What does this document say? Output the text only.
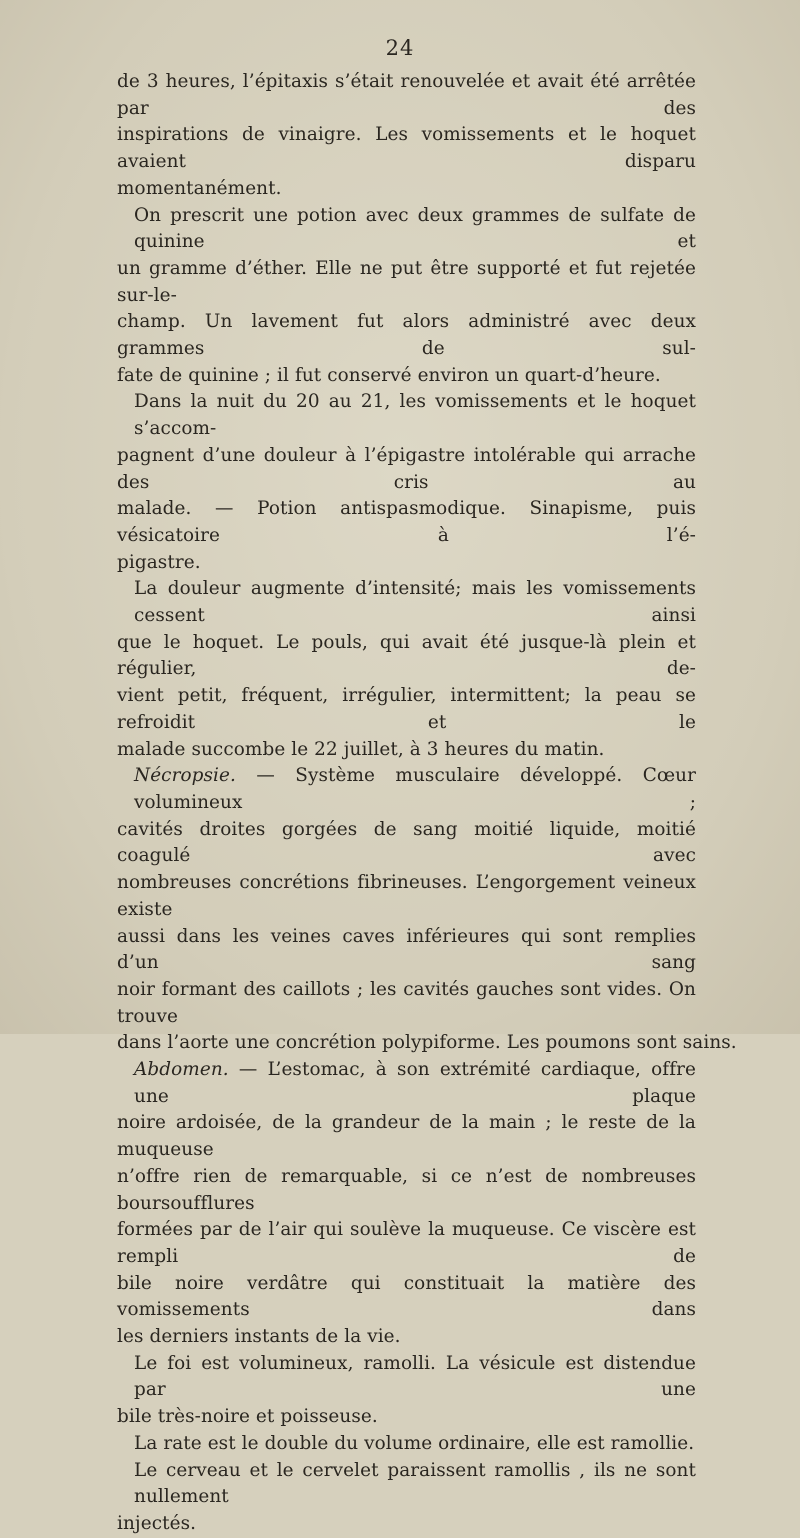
24
de 3 heures, l’épitaxis s’était renouvelée et avait été arrêtée par des
inspirations de vinaigre. Les vomissements et le hoquet avaient disparu
momentanément.
On prescrit une potion avec deux grammes de sulfate de quinine et
un gramme d’éther. Elle ne put être supporté et fut rejetée sur-le-
champ. Un lavement fut alors administré avec deux grammes de sul-
fate de quinine ; il fut conservé environ un quart-d’heure.
Dans la nuit du 20 au 21, les vomissements et le hoquet s’accom-
pagnent d’une douleur à l’épigastre intolérable qui arrache des cris au
malade. — Potion antispasmodique. Sinapisme, puis vésicatoire à l’é-
pigastre.
La douleur augmente d’intensité; mais les vomissements cessent ainsi
que le hoquet. Le pouls, qui avait été jusque-là plein et régulier, de-
vient petit, fréquent, irrégulier, intermittent; la peau se refroidit et le
malade succombe le 22 juillet, à 3 heures du matin.
Nécropsie. — Système musculaire développé. Cœur volumineux ;
cavités droites gorgées de sang moitié liquide, moitié coagulé avec
nombreuses concrétions fibrineuses. L’engorgement veineux existe
aussi dans les veines caves inférieures qui sont remplies d’un sang
noir formant des caillots ; les cavités gauches sont vides. On trouve
dans l’aorte une concrétion polypiforme. Les poumons sont sains.
Abdomen. — L’estomac, à son extrémité cardiaque, offre une plaque
noire ardoisée, de la grandeur de la main ; le reste de la muqueuse
n’offre rien de remarquable, si ce n’est de nombreuses boursoufflures
formées par de l’air qui soulève la muqueuse. Ce viscère est rempli de
bile noire verdâtre qui constituait la matière des vomissements dans
les derniers instants de la vie.
Le foi est volumineux, ramolli. La vésicule est distendue par une
bile très-noire et poisseuse.
La rate est le double du volume ordinaire, elle est ramollie.
Le cerveau et le cervelet paraissent ramollis , ils ne sont nullement
injectés.
